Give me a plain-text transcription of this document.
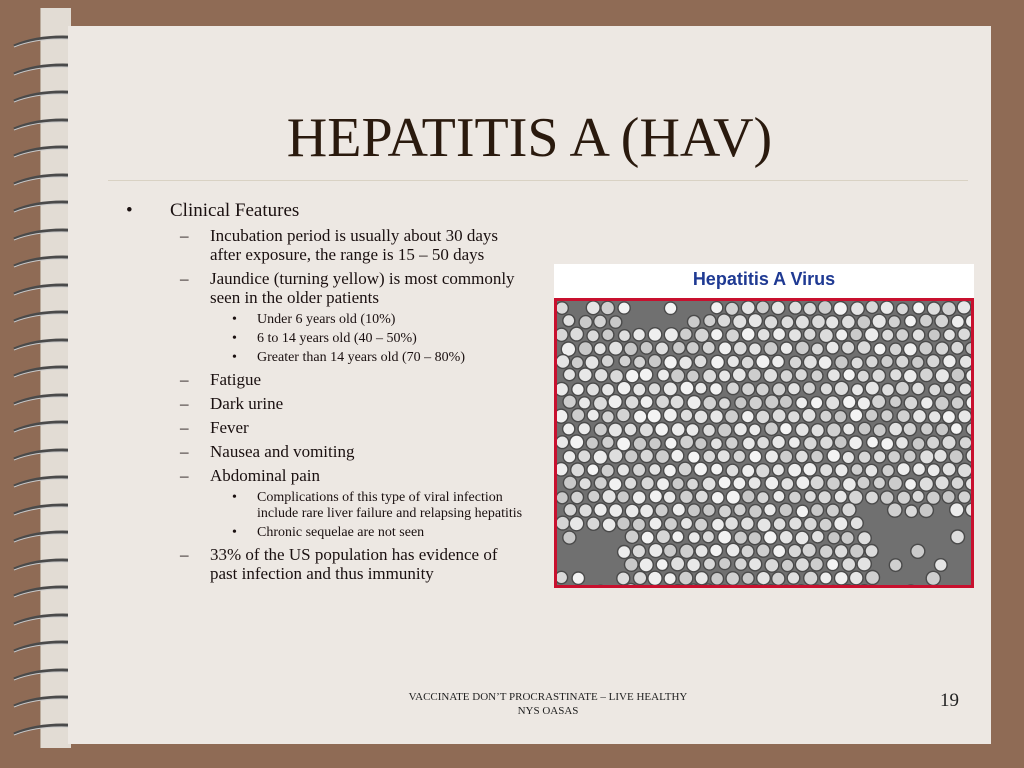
HEPATITIS A (HAV)
•	Clinical Features
–	Incubation period is usually about 30 days after exposure, the range is 15 – 50 days
–	Jaundice (turning yellow) is most commonly seen in the older patients
•	Under 6 years old (10%)
•	6 to 14 years old (40 – 50%)
•	Greater than 14 years old (70 – 80%)
–	Fatigue
–	Dark urine
–	Fever
–	Nausea and vomiting
–	Abdominal pain
•	Complications of this type of viral infection include rare liver failure and relapsing hepatitis
•	Chronic sequelae are not seen
–	33% of the US population has evidence of past infection and thus immunity
Hepatitis A Virus
VACCINATE DON’T PROCRASTINATE – LIVE HEALTHY
NYS OASAS	19
